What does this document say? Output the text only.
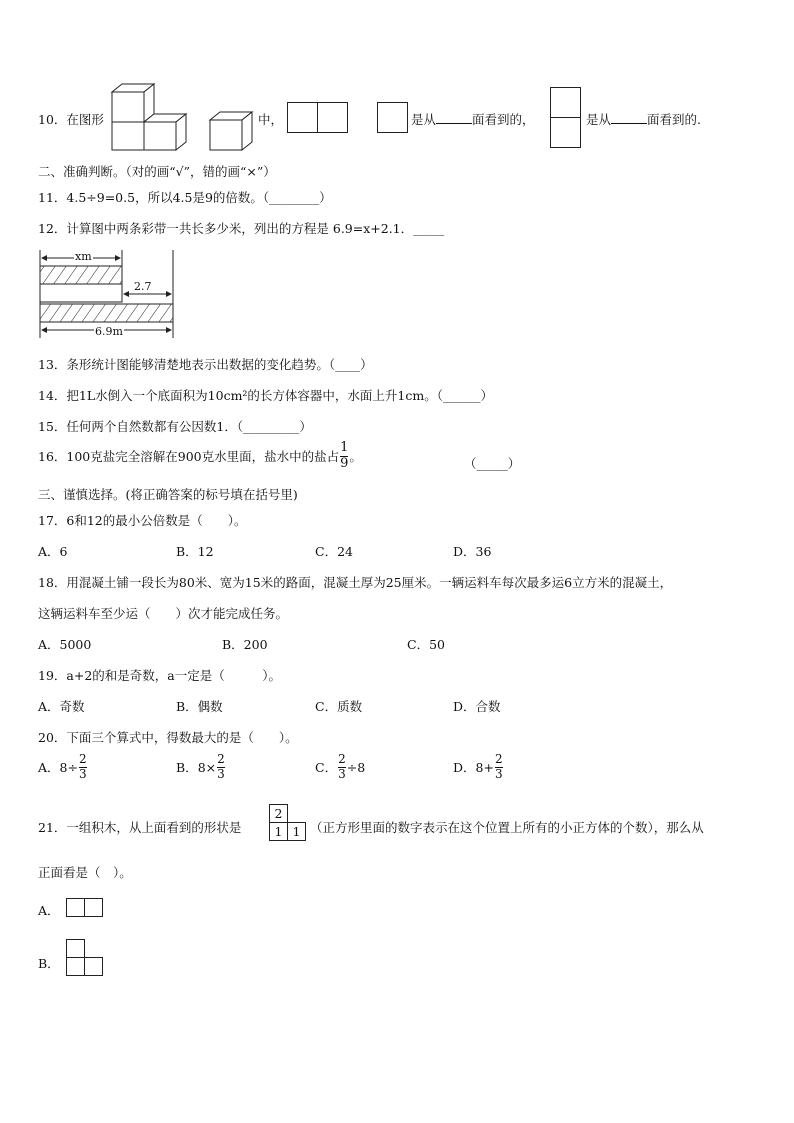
10．在图形	中，	是从	面看到的，	是从	面看到的.
二、准确判断。（对的画“√”，错的画“×”）
11．4.5÷9=0.5，所以4.5是9的倍数。（________）
12．计算图中两条彩带一共长多少米，列出的方程是 6.9=x+2.1．_____
xm
2.7
6.9m
13．条形统计图能够清楚地表示出数据的变化趋势。（____）
14．把1L水倒入一个底面积为10cm²的长方体容器中，水面上升1cm。（______）
15．任何两个自然数都有公因数1．（_________）
16．100克盐完全溶解在900克水里面，盐水中的盐占 $\frac{1}{9}$ 。	（_____）
三、谨慎选择。(将正确答案的标号填在括号里)
17．6和12的最小公倍数是（　　）。
A．6	B．12	C．24	D．36
18．用混凝土铺一段长为80米、宽为15米的路面，混凝土厚为25厘米。一辆运料车每次最多运6立方米的混凝土，
这辆运料车至少运（　　）次才能完成任务。
A．5000	B．200	C．50
19．a+2的和是奇数，a一定是（　　　）。
A．奇数	B．偶数	C．质数	D．合数
20．下面三个算式中，得数最大的是（　　）。
A． $8\div \frac{2}{3}$	B． $8\times \frac{2}{3}$	C． $\frac{2}{3} \div 8$	D． $8+ \frac{2}{3}$
21．一组积木，从上面看到的形状是
2
1 1 （正方形里面的数字表示在这个位置上所有的小正方体的个数），那么从
正面看是（　）。
A．
B．
